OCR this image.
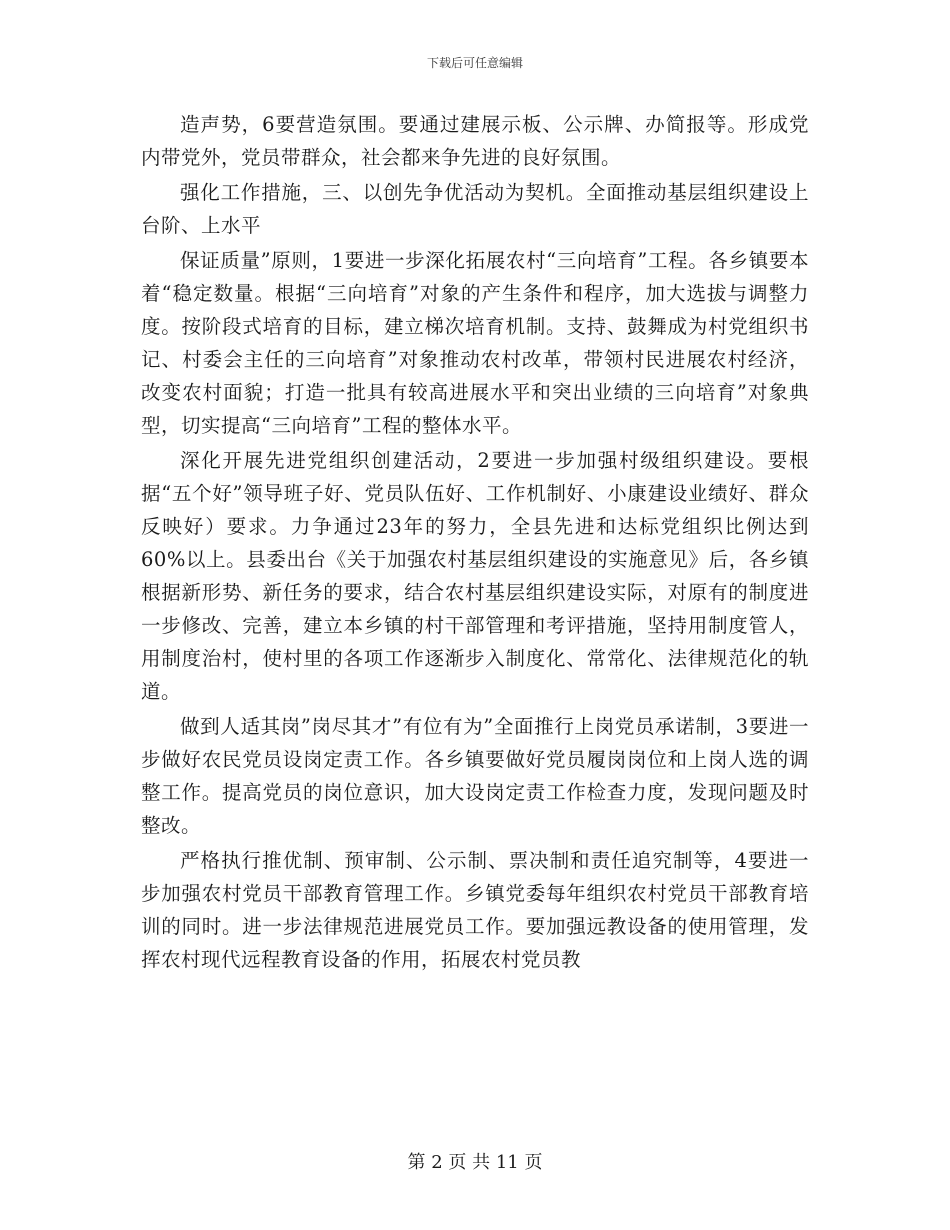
下载后可任意编辑

造声势，6要营造氛围。要通过建展示板、公示牌、办简报等。形成党内带党外，党员带群众，社会都来争先进的良好氛围。

强化工作措施，三、以创先争优活动为契机。全面推动基层组织建设上台阶、上水平

保证质量”原则，1要进一步深化拓展农村“三向培育”工程。各乡镇要本着“稳定数量。根据“三向培育”对象的产生条件和程序，加大选拔与调整力度。按阶段式培育的目标，建立梯次培育机制。支持、鼓舞成为村党组织书记、村委会主任的三向培育”对象推动农村改革，带领村民进展农村经济，改变农村面貌；打造一批具有较高进展水平和突出业绩的三向培育”对象典型，切实提高“三向培育”工程的整体水平。

深化开展先进党组织创建活动，2要进一步加强村级组织建设。要根据“五个好”领导班子好、党员队伍好、工作机制好、小康建设业绩好、群众反映好）要求。力争通过23年的努力，全县先进和达标党组织比例达到60%以上。县委出台《关于加强农村基层组织建设的实施意见》后，各乡镇根据新形势、新任务的要求，结合农村基层组织建设实际，对原有的制度进一步修改、完善，建立本乡镇的村干部管理和考评措施，坚持用制度管人，用制度治村，使村里的各项工作逐渐步入制度化、常常化、法律规范化的轨道。

做到人适其岗”岗尽其才”有位有为”全面推行上岗党员承诺制，3要进一步做好农民党员设岗定责工作。各乡镇要做好党员履岗岗位和上岗人选的调整工作。提高党员的岗位意识，加大设岗定责工作检查力度，发现问题及时整改。

严格执行推优制、预审制、公示制、票决制和责任追究制等，4要进一步加强农村党员干部教育管理工作。乡镇党委每年组织农村党员干部教育培训的同时。进一步法律规范进展党员工作。要加强远教设备的使用管理，发挥农村现代远程教育设备的作用，拓展农村党员教

第 2 页 共 11 页
